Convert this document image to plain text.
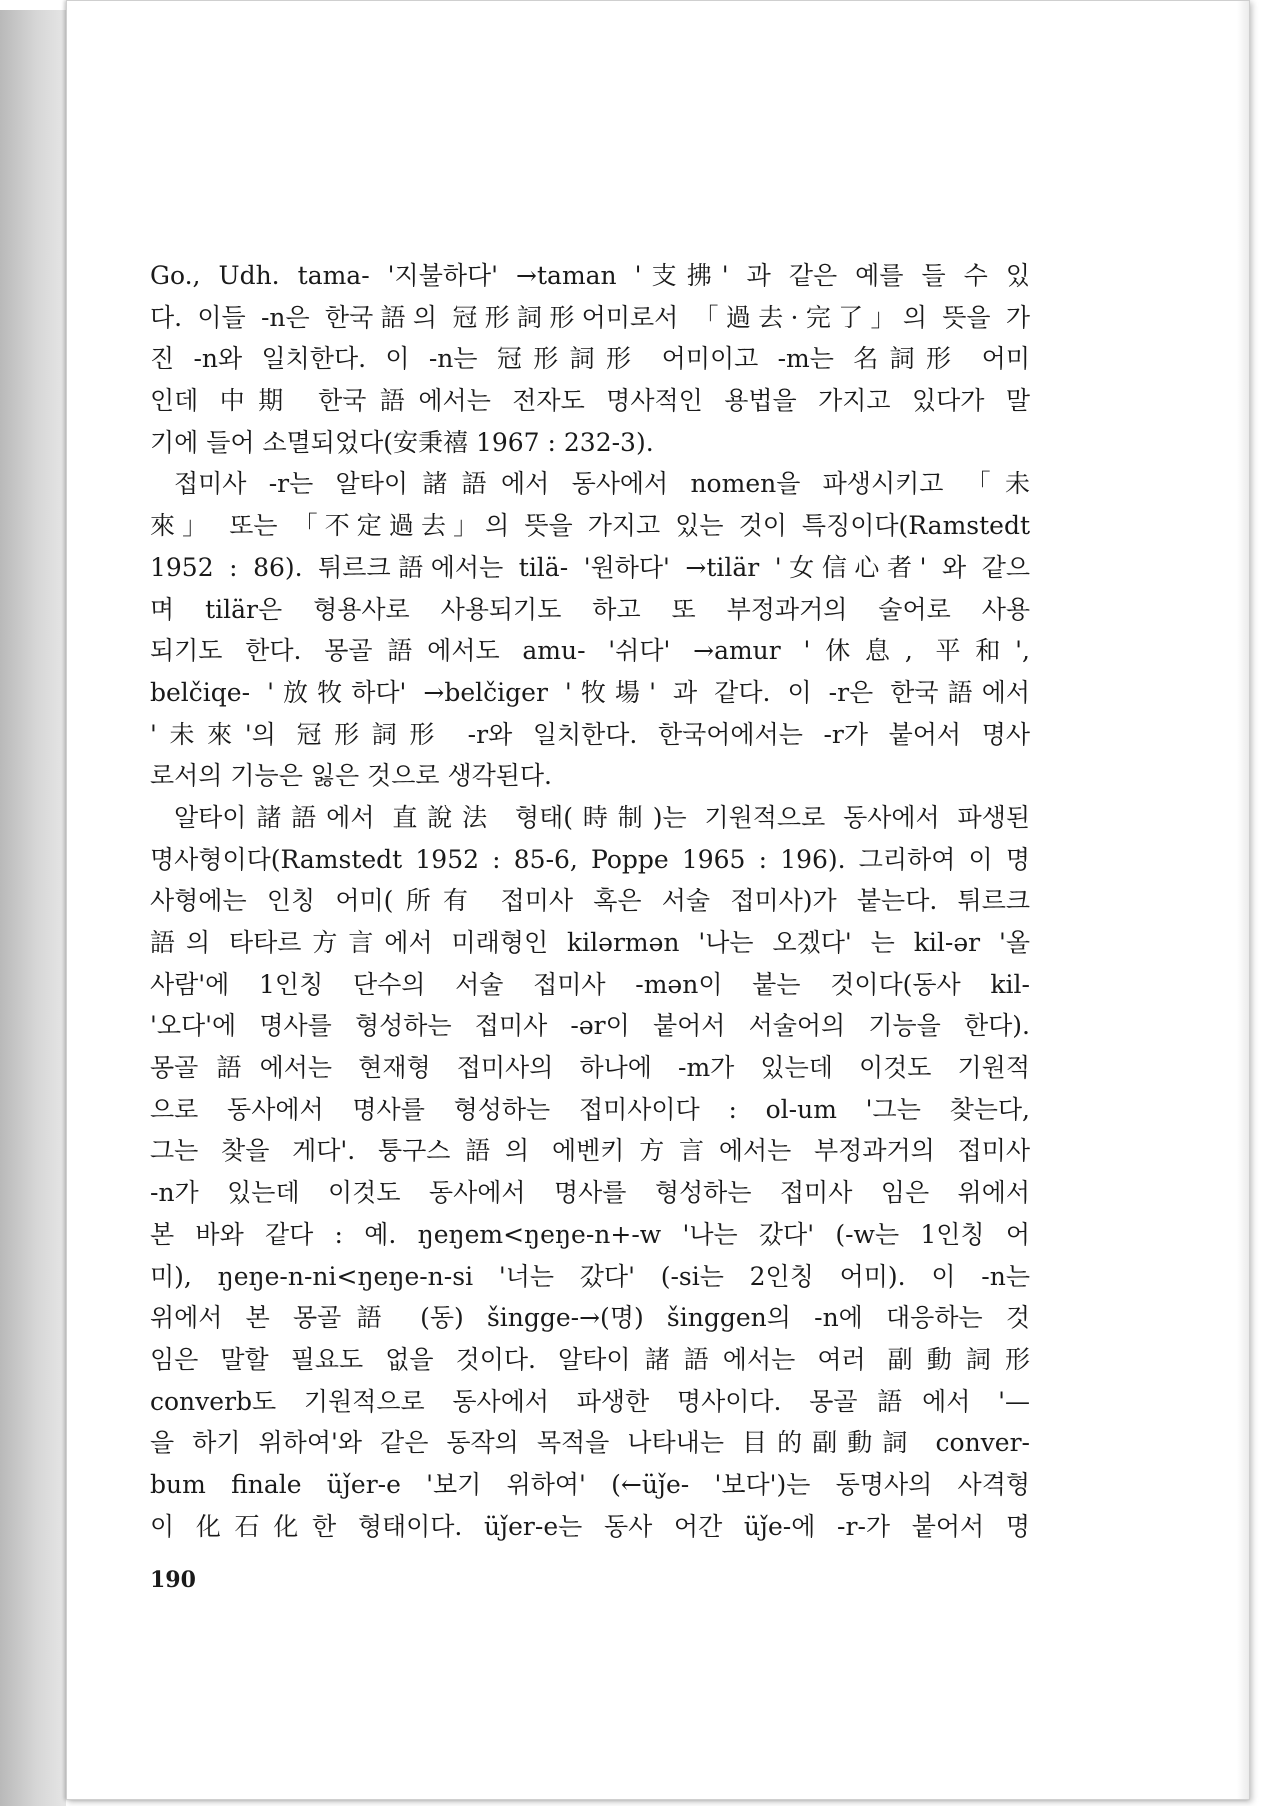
Go., Udh. tama- '지불하다' →taman '支拂' 과 같은 예를 들 수 있
다. 이들 -n은 한국語의 冠形詞形어미로서 「過去·完了」의 뜻을 가
진 -n와 일치한다. 이 -n는 冠形詞形 어미이고 -m는 名詞形 어미
인데 中期 한국語에서는 전자도 명사적인 용법을 가지고 있다가 말
기에 들어 소멸되었다(安秉禧 1967 : 232-3).
접미사 -r는 알타이諸語에서 동사에서 nomen을 파생시키고 「未
來」 또는 「不定過去」의 뜻을 가지고 있는 것이 특징이다(Ramstedt
1952 : 86). 튀르크語에서는 tilä- '원하다' →tilär '女信心者' 와 같으
며 tilär은 형용사로 사용되기도 하고 또 부정과거의 술어로 사용
되기도 한다. 몽골語에서도 amu- '쉬다' →amur '休息, 平和',
belčiqe- '放牧하다' →belčiger '牧場' 과 같다. 이 -r은 한국語에서
'未來'의 冠形詞形 -r와 일치한다. 한국어에서는 -r가 붙어서 명사
로서의 기능은 잃은 것으로 생각된다.
알타이諸語에서 直說法 형태(時制)는 기원적으로 동사에서 파생된
명사형이다(Ramstedt 1952 : 85-6, Poppe 1965 : 196). 그리하여 이 명
사형에는 인칭 어미(所有 접미사 혹은 서술 접미사)가 붙는다. 튀르크
語의 타타르方言에서 미래형인 kilərmən '나는 오겠다' 는 kil-ər '올
사람'에 1인칭 단수의 서술 접미사 -mən이 붙는 것이다(동사 kil-
'오다'에 명사를 형성하는 접미사 -ər이 붙어서 서술어의 기능을 한다).
몽골語에서는 현재형 접미사의 하나에 -m가 있는데 이것도 기원적
으로 동사에서 명사를 형성하는 접미사이다 : ol-um '그는 찾는다,
그는 찾을 게다'. 퉁구스語의 에벤키方言에서는 부정과거의 접미사
-n가 있는데 이것도 동사에서 명사를 형성하는 접미사 임은 위에서
본 바와 같다 : 예. ŋeŋem<ŋeŋe-n+-w '나는 갔다' (-w는 1인칭 어
미), ŋeŋe-n-ni<ŋeŋe-n-si '너는 갔다' (-si는 2인칭 어미). 이 -n는
위에서 본 몽골語 (동) šingge-→(명) šinggen의 -n에 대응하는 것
임은 말할 필요도 없을 것이다. 알타이諸語에서는 여러 副動詞形
converb도 기원적으로 동사에서 파생한 명사이다. 몽골語에서 '—
을 하기 위하여'와 같은 동작의 목적을 나타내는 目的副動詞 conver-
bum finale üǰer-e '보기 위하여' (←üǰe- '보다')는 동명사의 사격형
이 化石化한 형태이다. üǰer-e는 동사 어간 üǰe-에 -r-가 붙어서 명
190
